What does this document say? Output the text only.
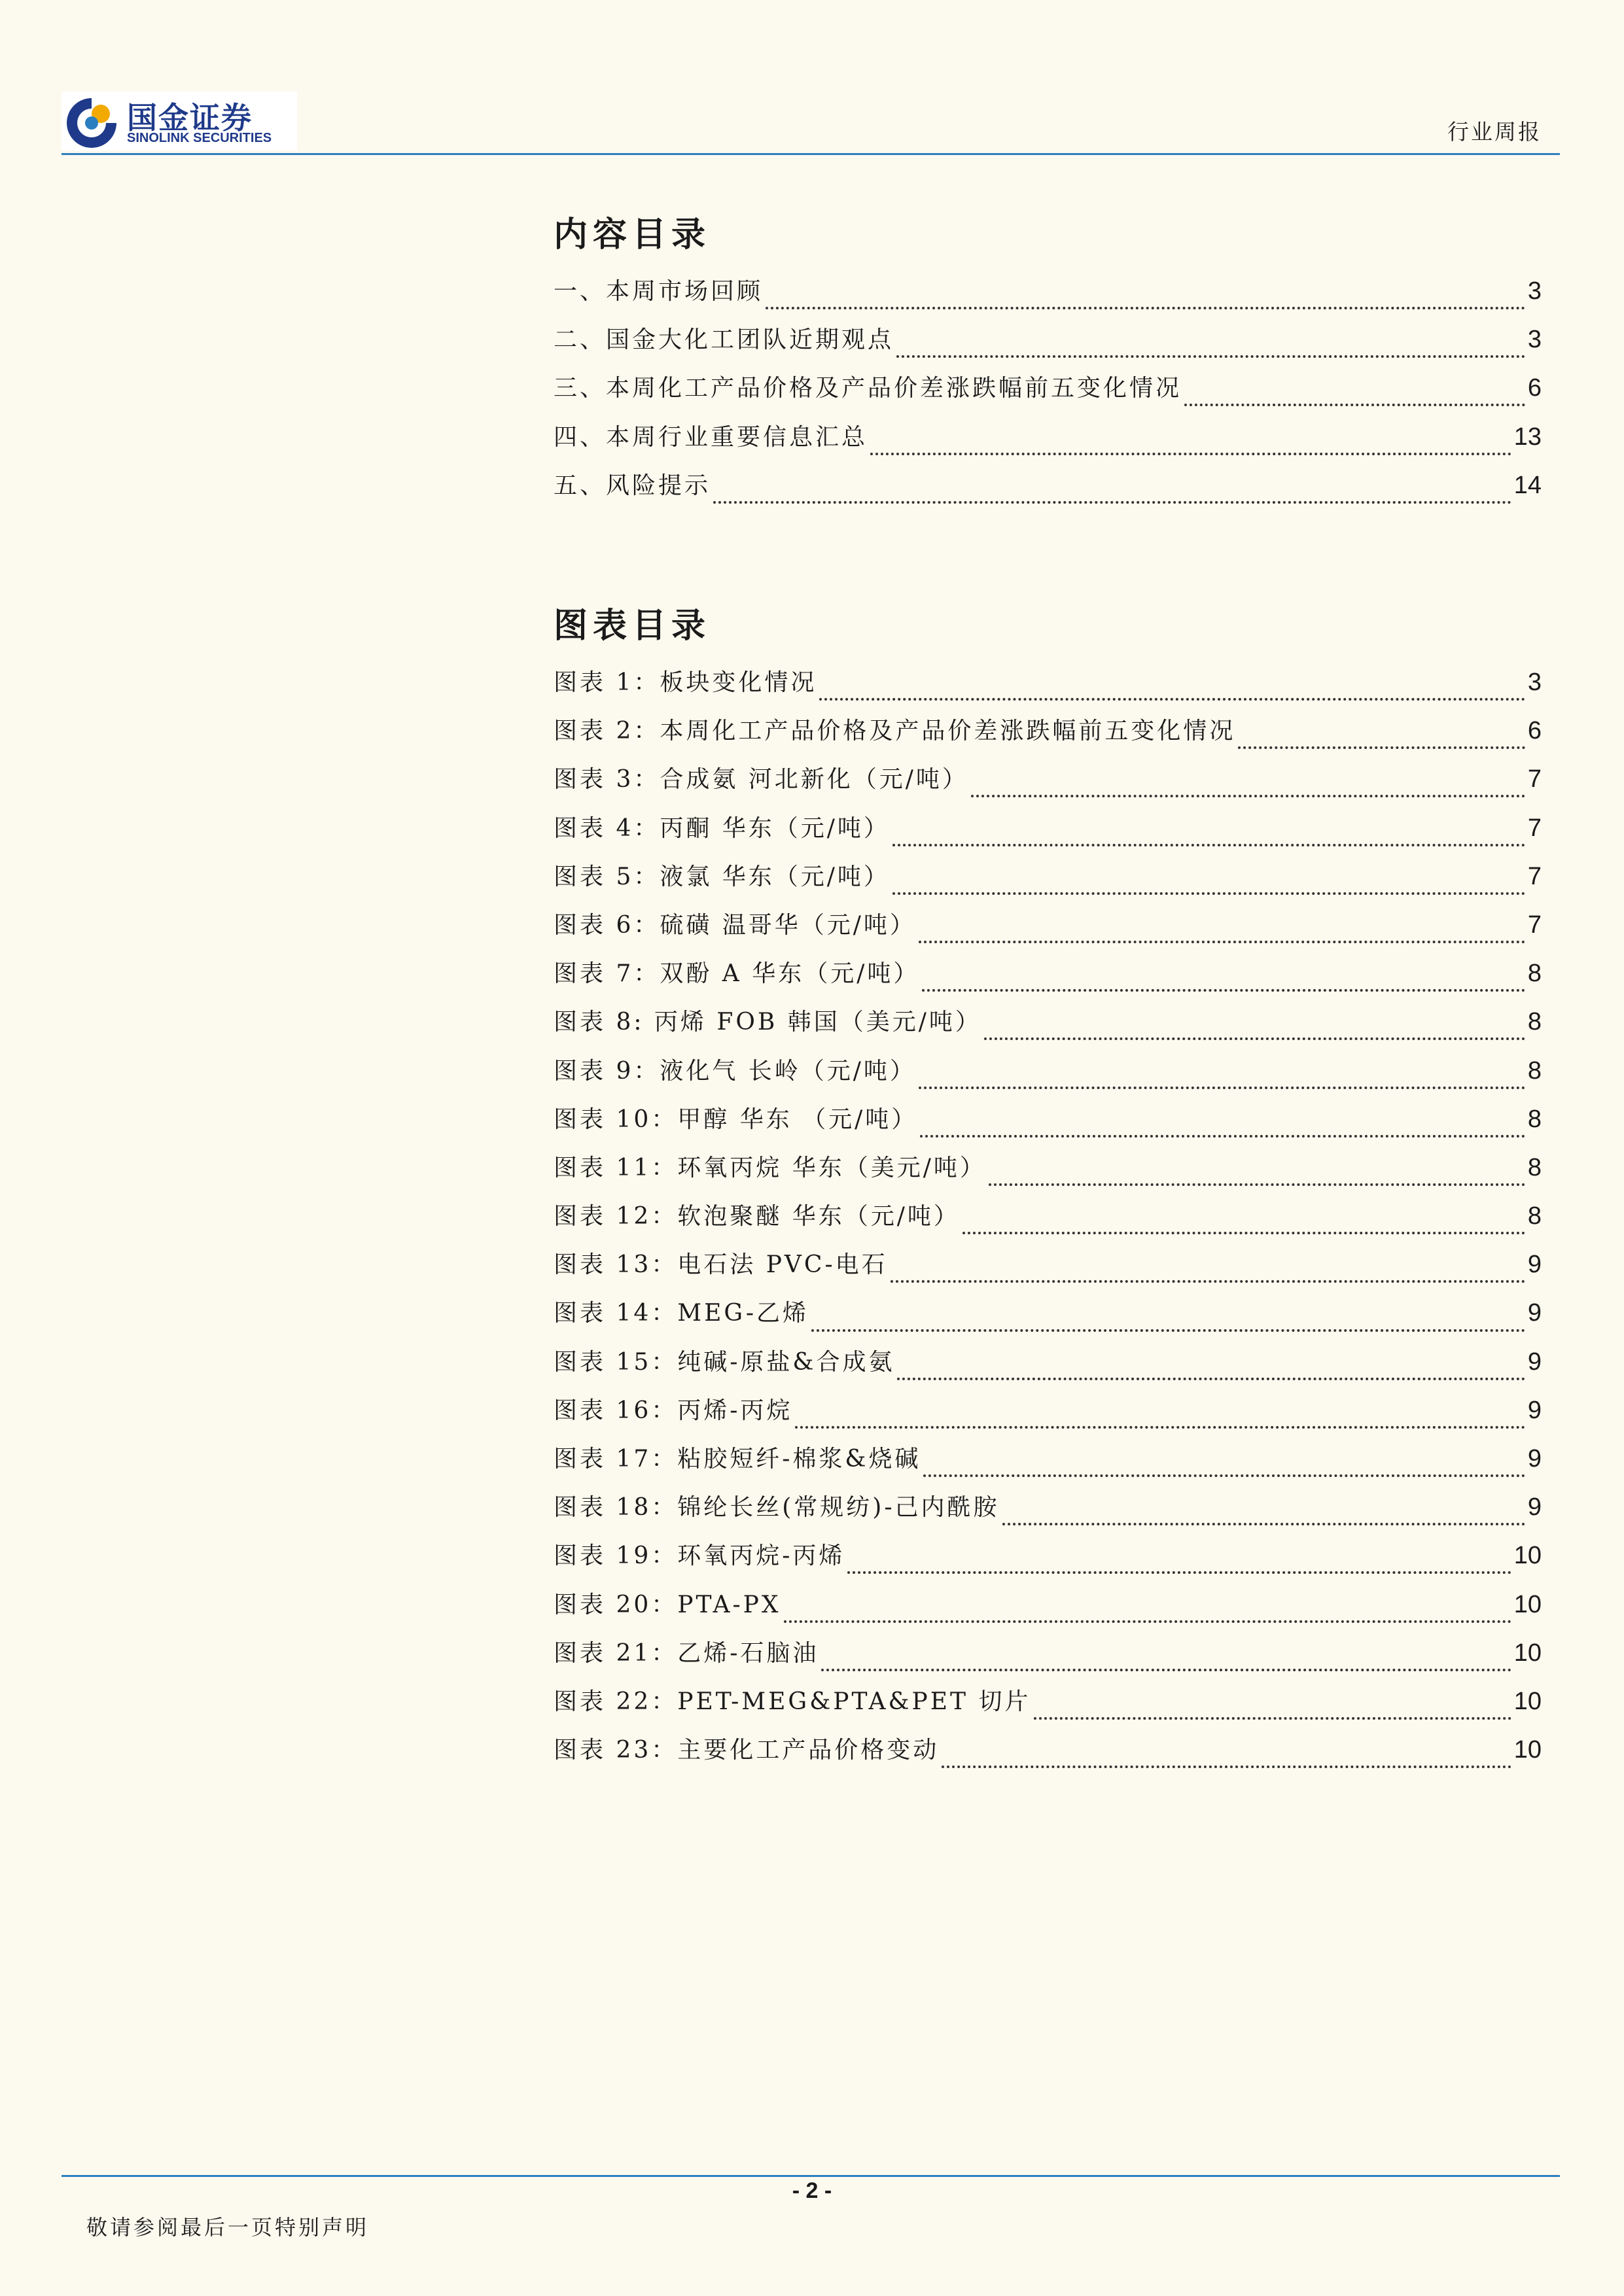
国金证券
SINOLINK SECURITIES	行业周报
内容目录
一、本周市场回顾	3
二、国金大化工团队近期观点	3
三、本周化工产品价格及产品价差涨跌幅前五变化情况	6
四、本周行业重要信息汇总	13
五、风险提示	14
图表目录
图表 1：板块变化情况	3
图表 2：本周化工产品价格及产品价差涨跌幅前五变化情况	6
图表 3：合成氨 河北新化（元/吨）	7
图表 4：丙酮 华东（元/吨）	7
图表 5：液氯 华东（元/吨）	7
图表 6：硫磺 温哥华（元/吨）	7
图表 7：双酚 A 华东（元/吨）	8
图表 8: 丙烯 FOB 韩国（美元/吨）	8
图表 9：液化气 长岭（元/吨）	8
图表 10：甲醇 华东 （元/吨）	8
图表 11：环氧丙烷 华东（美元/吨）	8
图表 12：软泡聚醚 华东（元/吨）	8
图表 13：电石法 PVC-电石	9
图表 14：MEG-乙烯	9
图表 15：纯碱-原盐&合成氨	9
图表 16：丙烯-丙烷	9
图表 17：粘胶短纤-棉浆&烧碱	9
图表 18：锦纶长丝(常规纺)-己内酰胺	9
图表 19：环氧丙烷-丙烯	10
图表 20：PTA-PX	10
图表 21：乙烯-石脑油	10
图表 22：PET-MEG&PTA&PET 切片	10
图表 23：主要化工产品价格变动	10
- 2 -
敬请参阅最后一页特别声明
